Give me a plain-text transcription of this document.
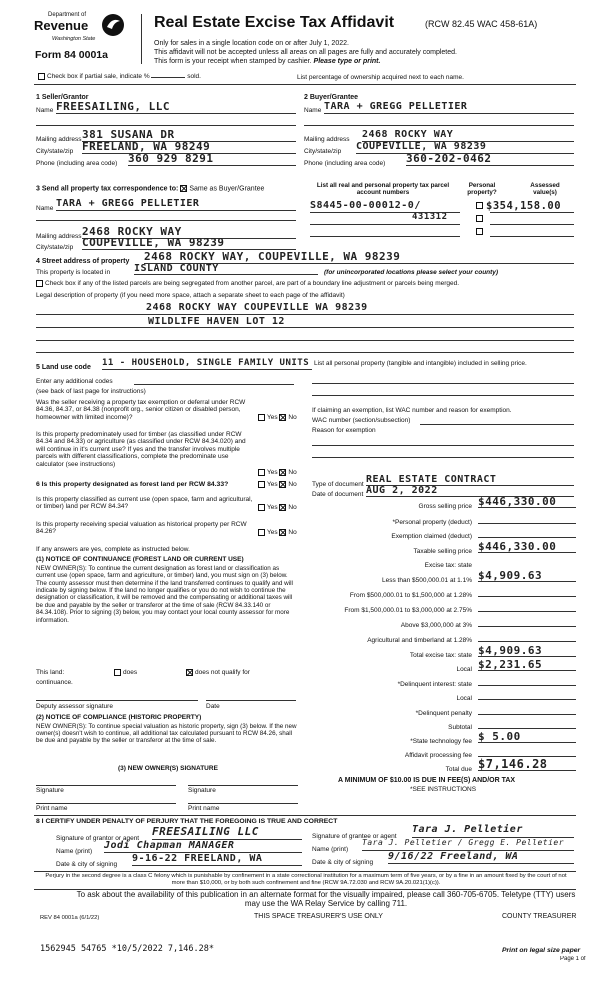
Department of
Revenue
Washington State
Form 84 0001a
Real Estate Excise Tax Affidavit	(RCW 82.45 WAC 458-61A)
Only for sales in a single location code on or after July 1, 2022.
This affidavit will not be accepted unless all areas on all pages are fully and accurately completed.
This form is your receipt when stamped by cashier. Please type or print.
Check box if partial sale, indicate %	sold.	List percentage of ownership acquired next to each name.
1 Seller/Grantor
Name FREESAILING, LLC
Mailing address 381 SUSANA DR
City/state/zip FREELAND, WA 98249
Phone (including area code) 360 929 8291
2 Buyer/Grantee
Name TARA + GREGG PELLETIER
Mailing address 2468 ROCKY WAY
City/state/zip COUPEVILLE, WA 98239
Phone (including area code) 360-202-0462
3 Send all property tax correspondence to: Same as Buyer/Grantee
Name TARA + GREGG PELLETIER
Mailing address 2468 ROCKY WAY
City/state/zip COUPEVILLE, WA 98239
List all real and personal property tax parcel account numbers
Personal property?
Assessed value(s)
S8445-00-00012-0/
431312
$354,158.00
4 Street address of property 2468 ROCKY WAY, COUPEVILLE, WA 98239
This property is located in ISLAND COUNTY	(for unincorporated locations please select your county)
Check box if any of the listed parcels are being segregated from another parcel, are part of a boundary line adjustment or parcels being merged.
Legal description of property (if you need more space, attach a separate sheet to each page of the affidavit)
2468 ROCKY WAY COUPEVILLE WA 98239
WILDLIFE HAVEN LOT 12
5 Land use code 11 - HOUSEHOLD, SINGLE FAMILY UNITS
Enter any additional codes
(see back of last page for instructions)
Was the seller receiving a property tax exemption or deferral under RCW 84.36, 84.37, or 84.38 (nonprofit org., senior citizen or disabled person, homeowner with limited income)?	Yes No
Is this property predominately used for timber (as classified under RCW 84.34 and 84.33) or agriculture (as classified under RCW 84.34.020) and will continue in it's current use? If yes and the transfer involves multiple parcels with different classifications, complete the predominate use calculator (see instructions)
Yes No
List all personal property (tangible and intangible) included in selling price.
If claiming an exemption, list WAC number and reason for exemption.
WAC number (section/subsection)
Reason for exemption
6 Is this property designated as forest land per RCW 84.33?	Yes No
Is this property classified as current use (open space, farm and agricultural, or timber) land per RCW 84.34?	Yes No
Is this property receiving special valuation as historical property per RCW 84.26?	Yes No
If any answers are yes, complete as instructed below.
(1) NOTICE OF CONTINUANCE (FOREST LAND OR CURRENT USE)
NEW OWNER(S): To continue the current designation as forest land or classification as current use (open space, farm and agriculture, or timber) land, you must sign on (3) below. The county assessor must then determine if the land transferred continues to qualify and will indicate by signing below. If the land no longer qualifies or you do not wish to continue the designation or classification, it will be removed and the compensating or additional taxes will be due and payable by the seller or transferor at the time of sale (RCW 84.33.140 or 84.34.108). Prior to signing (3) below, you may contact your local county assessor for more information.
This land:	does	does not qualify for
continuance.
Deputy assessor signature	Date
(2) NOTICE OF COMPLIANCE (HISTORIC PROPERTY)
NEW OWNER(S): To continue special valuation as historic property, sign (3) below. If the new owner(s) doesn't wish to continue, all additional tax calculated pursuant to RCW 84.26, shall be due and payable by the seller or transferor at the time of sale.
(3) NEW OWNER(S) SIGNATURE
Signature	Signature
Print name	Print name
Type of document REAL ESTATE CONTRACT
Date of document AUG 2, 2022
Gross selling price $446,330.00
*Personal property (deduct)
Exemption claimed (deduct)
Taxable selling price $446,330.00
Excise tax: state
Less than $500,000.01 at 1.1% $4,909.63
From $500,000.01 to $1,500,000 at 1.28%
From $1,500,000.01 to $3,000,000 at 2.75%
Above $3,000,000 at 3%
Agricultural and timberland at 1.28%
Total excise tax: state $4,909.63
Local $2,231.65
*Delinquent interest: state
Local
*Delinquent penalty
Subtotal
*State technology fee $ 5.00
Affidavit processing fee
Total due $7,146.28
A MINIMUM OF $10.00 IS DUE IN FEE(S) AND/OR TAX
*SEE INSTRUCTIONS
8 I CERTIFY UNDER PENALTY OF PERJURY THAT THE FOREGOING IS TRUE AND CORRECT
Signature of grantor or agent
FREESAILING LLC
Name (print)
Jodi Chapman MANAGER
Date & city of signing
9-16-22 FREELAND, WA
Signature of grantee or agent
Tara J. Pelletier
Name (print)
Tara J. Pelletier / Gregg E. Pelletier
Date & city of signing
9/16/22 Freeland, WA
Perjury in the second degree is a class C felony which is punishable by confinement in a state correctional institution for a maximum term of five years, or by a fine in an amount fixed by the court of not more than $10,000, or by both such confinement and fine (RCW 9A.72.030 and RCW 9A.20.021(1)(c)).
To ask about the availability of this publication in an alternate format for the visually impaired, please call 360-705-6705. Teletype (TTY) users may use the WA Relay Service by calling 711.
REV 84 0001a (6/1/22)	THIS SPACE TREASURER'S USE ONLY	COUNTY TREASURER
1562945 54765 *10/5/2022 7,146.28*	Print on legal size paper
Page 1 of
